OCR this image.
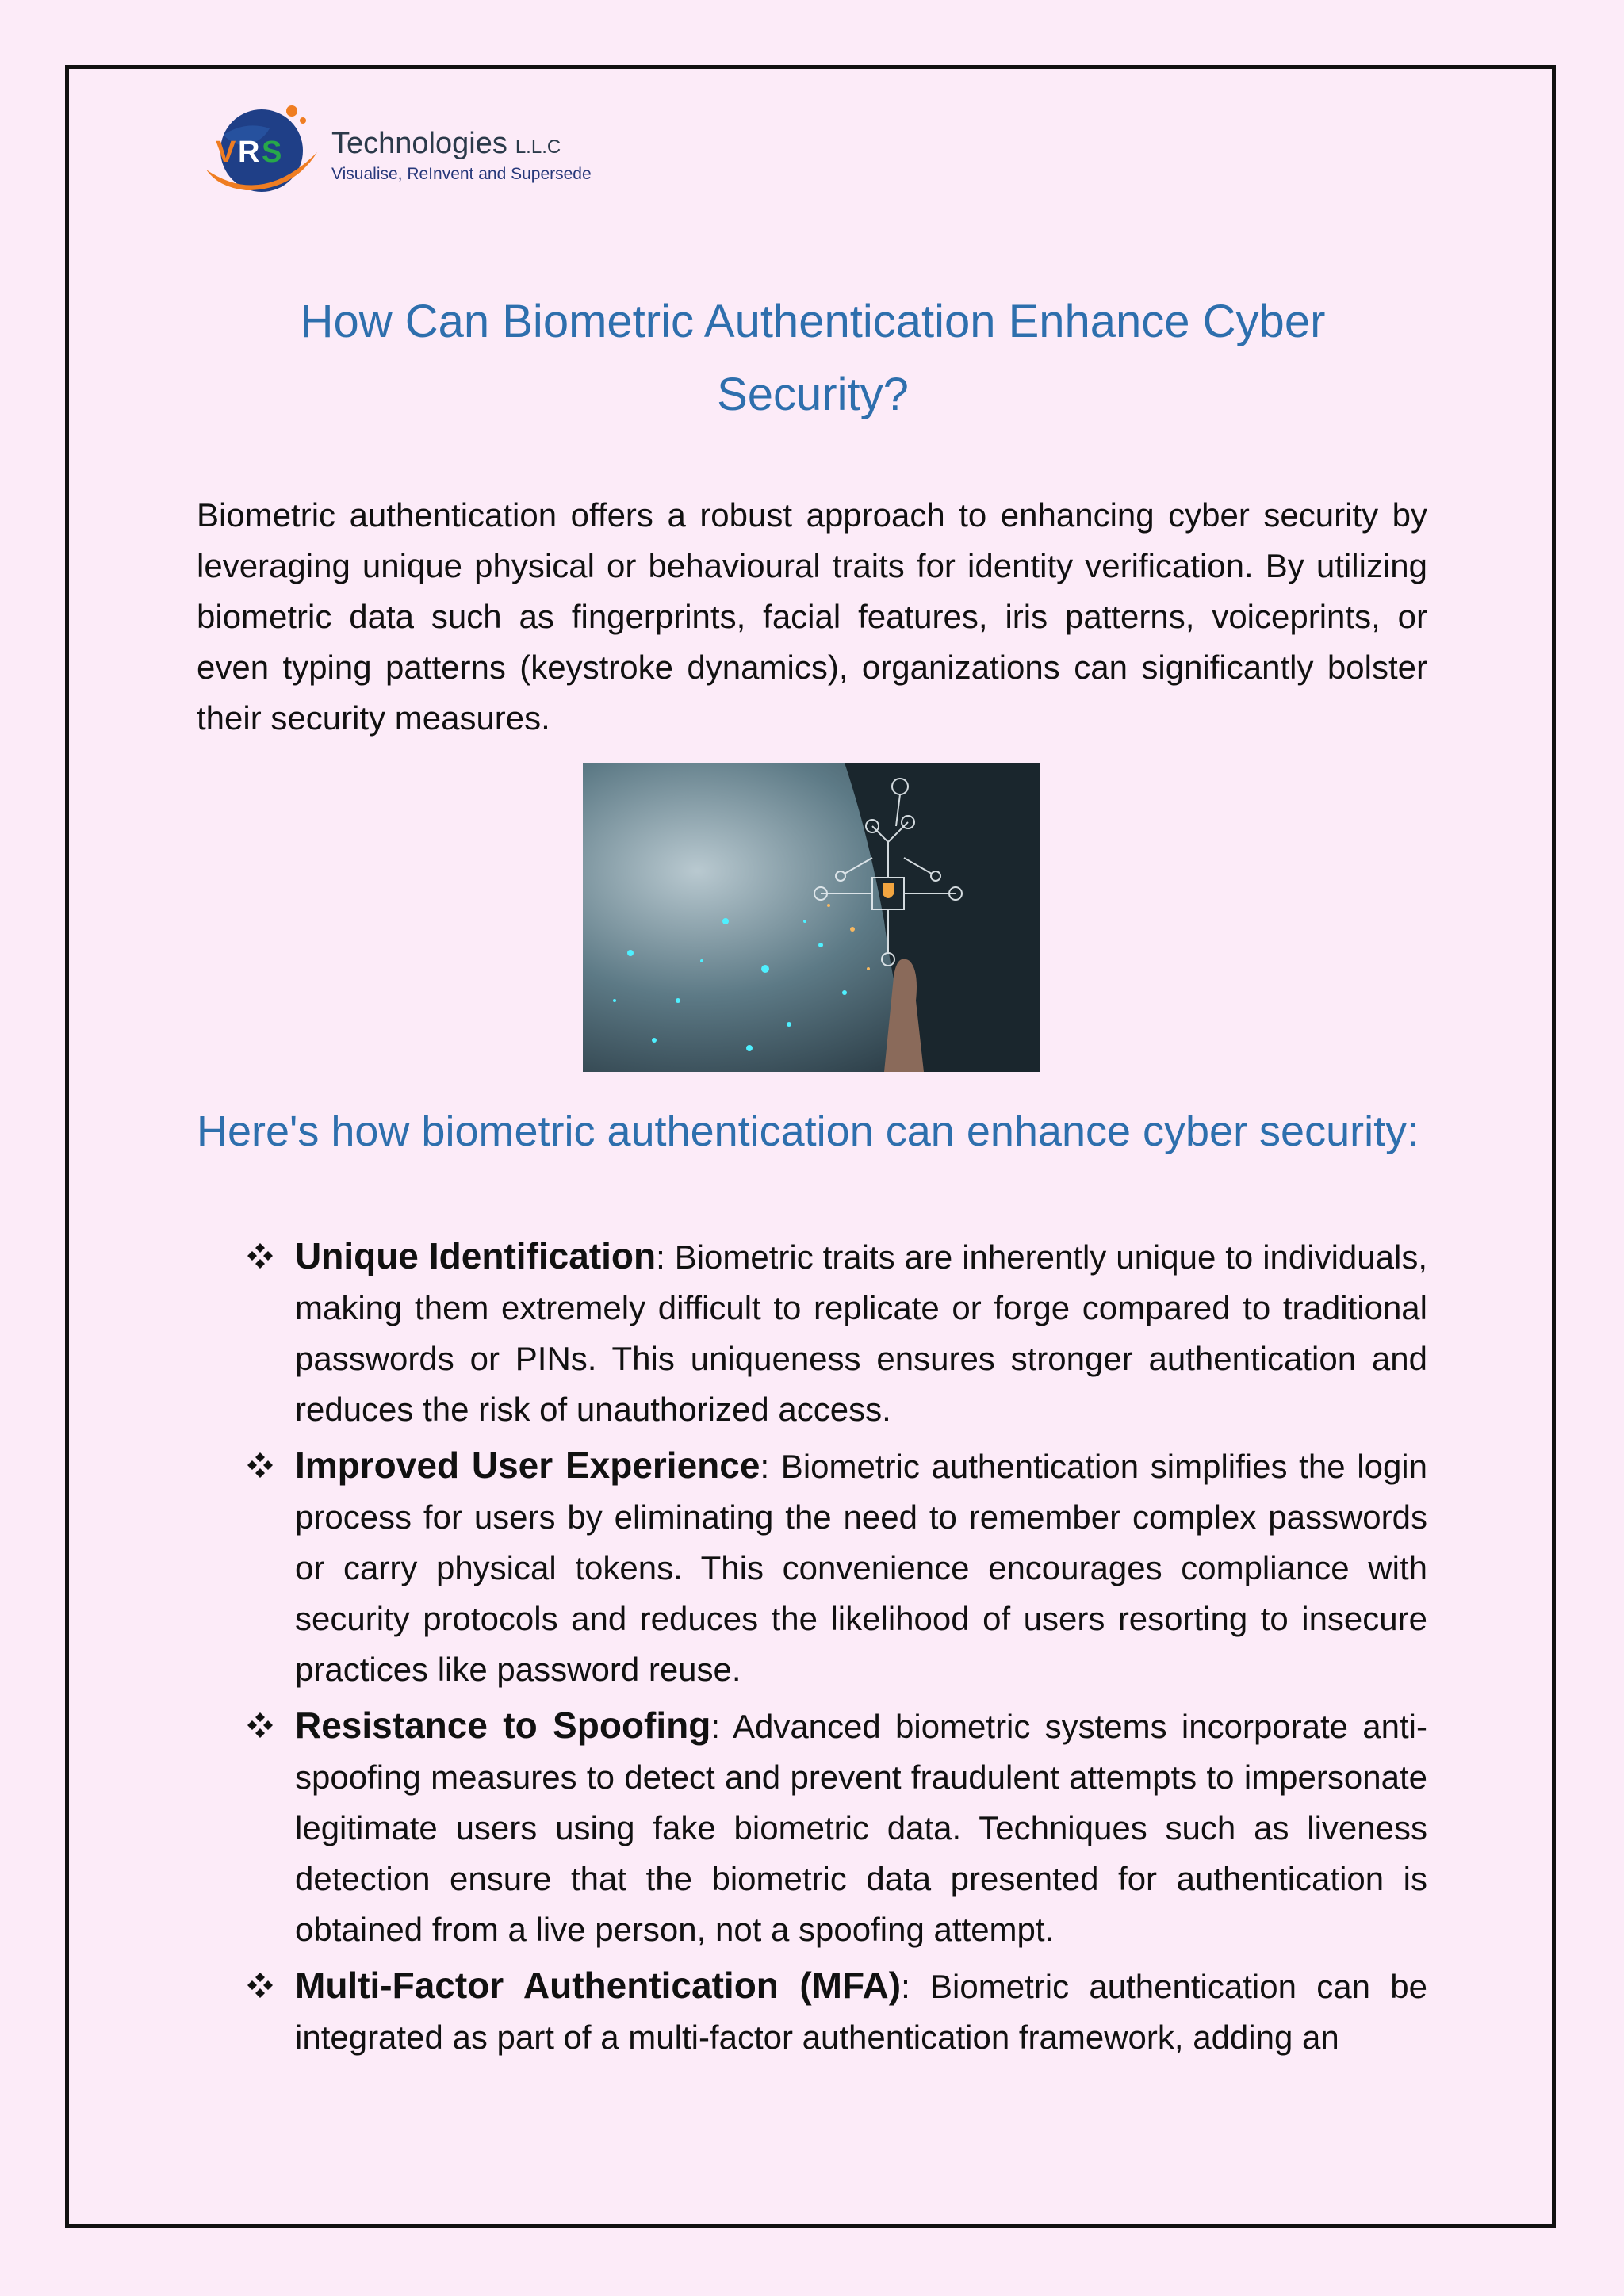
V R S Technologies L.L.C
Visualise, ReInvent and Supersede
How Can Biometric Authentication Enhance Cyber Security?

Biometric authentication offers a robust approach to enhancing cyber security by leveraging unique physical or behavioural traits for identity verification. By utilizing biometric data such as fingerprints, facial features, iris patterns, voiceprints, or even typing patterns (keystroke dynamics), organizations can significantly bolster their security measures.

Here's how biometric authentication can enhance cyber security:
Unique Identification: Biometric traits are inherently unique to individuals, making them extremely difficult to replicate or forge compared to traditional passwords or PINs. This uniqueness ensures stronger authentication and reduces the risk of unauthorized access.
Improved User Experience: Biometric authentication simplifies the login process for users by eliminating the need to remember complex passwords or carry physical tokens. This convenience encourages compliance with security protocols and reduces the likelihood of users resorting to insecure practices like password reuse.
Resistance to Spoofing: Advanced biometric systems incorporate anti-spoofing measures to detect and prevent fraudulent attempts to impersonate legitimate users using fake biometric data. Techniques such as liveness detection ensure that the biometric data presented for authentication is obtained from a live person, not a spoofing attempt.
Multi-Factor Authentication (MFA): Biometric authentication can be integrated as part of a multi-factor authentication framework, adding an
